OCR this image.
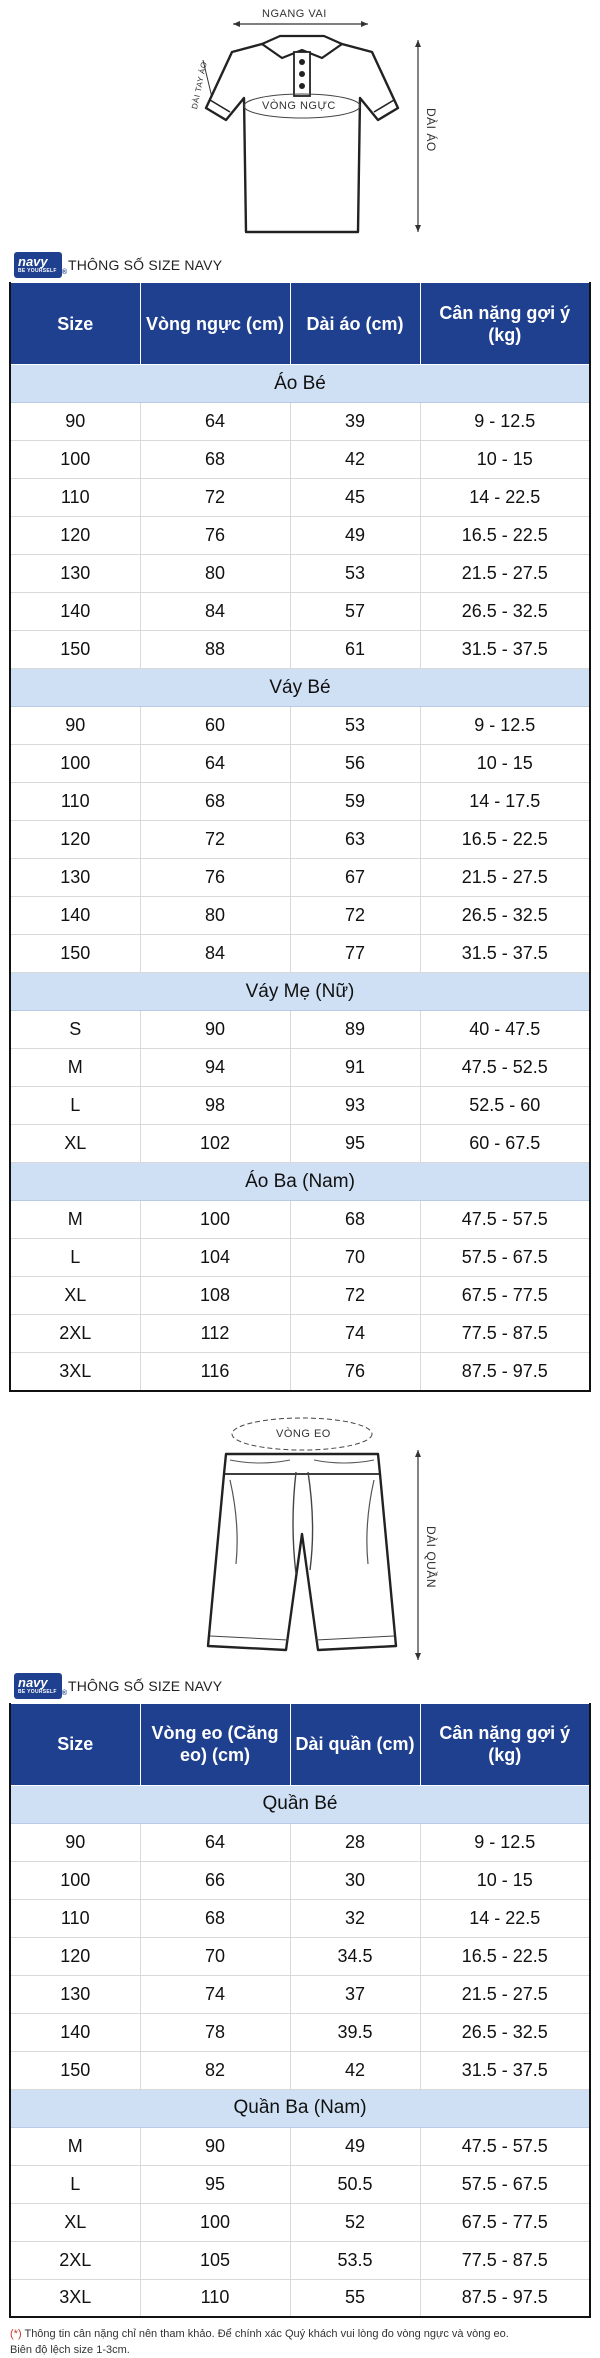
NGANG VAI
VÒNG NGỰC
DÀI ÁO
DÀI TAY ÁO
navy
BE YOURSELF ® THÔNG SỐ SIZE NAVY
Size	Vòng ngực (cm)	Dài áo (cm)	Cân nặng gợi ý (kg)
Áo Bé			
90	64	39	9 - 12.5
100	68	42	10 - 15
110	72	45	14 - 22.5
120	76	49	16.5 - 22.5
130	80	53	21.5 - 27.5
140	84	57	26.5 - 32.5
150	88	61	31.5 - 37.5
Váy Bé			
90	60	53	9 - 12.5
100	64	56	10 - 15
110	68	59	14 - 17.5
120	72	63	16.5 - 22.5
130	76	67	21.5 - 27.5
140	80	72	26.5 - 32.5
150	84	77	31.5 - 37.5
Váy Mẹ (Nữ)			
S	90	89	40 - 47.5
M	94	91	47.5 - 52.5
L	98	93	52.5 - 60
XL	102	95	60 - 67.5
Áo Ba (Nam)			
M	100	68	47.5 - 57.5
L	104	70	57.5 - 67.5
XL	108	72	67.5 - 77.5
2XL	112	74	77.5 - 87.5
3XL	116	76	87.5 - 97.5
VÒNG EO
DÀI QUẦN
navy
BE YOURSELF ® THÔNG SỐ SIZE NAVY
Size	Vòng eo (Căng eo) (cm)	Dài quần (cm)	Cân nặng gợi ý (kg)
Quần Bé			
90	64	28	9 - 12.5
100	66	30	10 - 15
110	68	32	14 - 22.5
120	70	34.5	16.5 - 22.5
130	74	37	21.5 - 27.5
140	78	39.5	26.5 - 32.5
150	82	42	31.5 - 37.5
Quần Ba (Nam)			
M	90	49	47.5 - 57.5
L	95	50.5	57.5 - 67.5
XL	100	52	67.5 - 77.5
2XL	105	53.5	77.5 - 87.5
3XL	110	55	87.5 - 97.5
(*) Thông tin cân nặng chỉ nên tham khảo. Để chính xác Quý khách vui lòng đo vòng ngực và vòng eo.
Biên độ lệch size 1-3cm.
